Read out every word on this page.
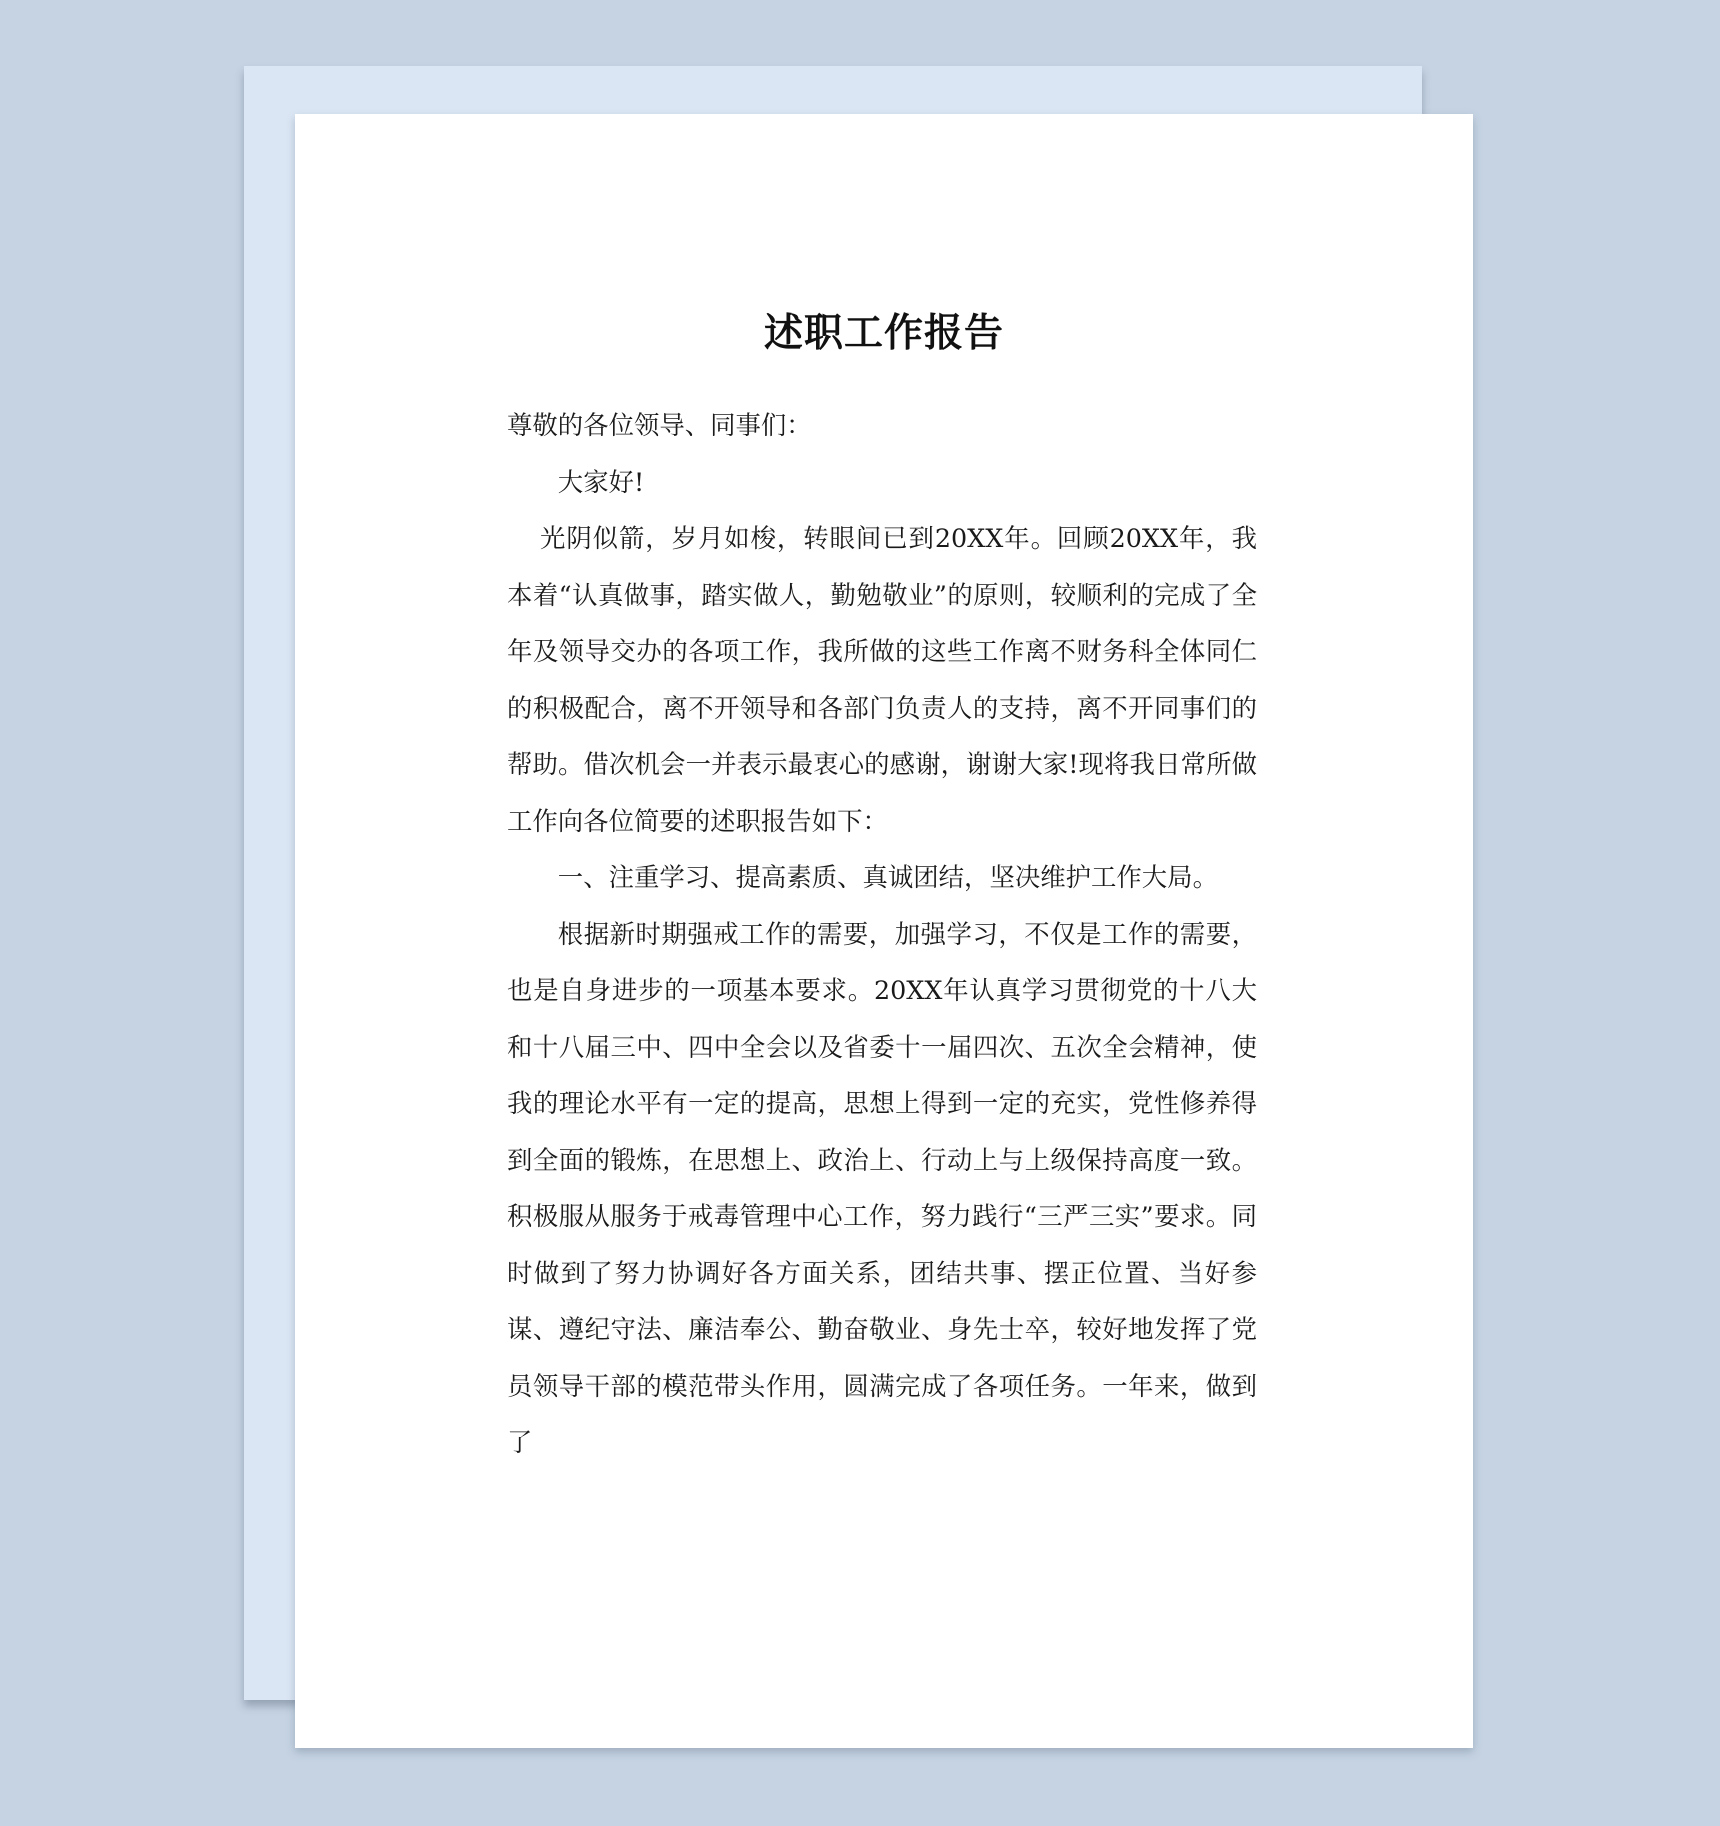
述职工作报告

尊敬的各位领导、同事们：

大家好!

光阴似箭，岁月如梭，转眼间已到20XX年。回顾20XX年，我本着“认真做事，踏实做人，勤勉敬业”的原则，较顺利的完成了全年及领导交办的各项工作，我所做的这些工作离不财务科全体同仁的积极配合，离不开领导和各部门负责人的支持，离不开同事们的帮助。借次机会一并表示最衷心的感谢，谢谢大家!现将我日常所做工作向各位简要的述职报告如下：

一、注重学习、提高素质、真诚团结，坚决维护工作大局。

根据新时期强戒工作的需要，加强学习，不仅是工作的需要，也是自身进步的一项基本要求。20XX年认真学习贯彻党的十八大和十八届三中、四中全会以及省委十一届四次、五次全会精神，使我的理论水平有一定的提高，思想上得到一定的充实，党性修养得到全面的锻炼，在思想上、政治上、行动上与上级保持高度一致。积极服从服务于戒毒管理中心工作，努力践行“三严三实”要求。同时做到了努力协调好各方面关系，团结共事、摆正位置、当好参谋、遵纪守法、廉洁奉公、勤奋敬业、身先士卒，较好地发挥了党员领导干部的模范带头作用，圆满完成了各项任务。一年来，做到了
